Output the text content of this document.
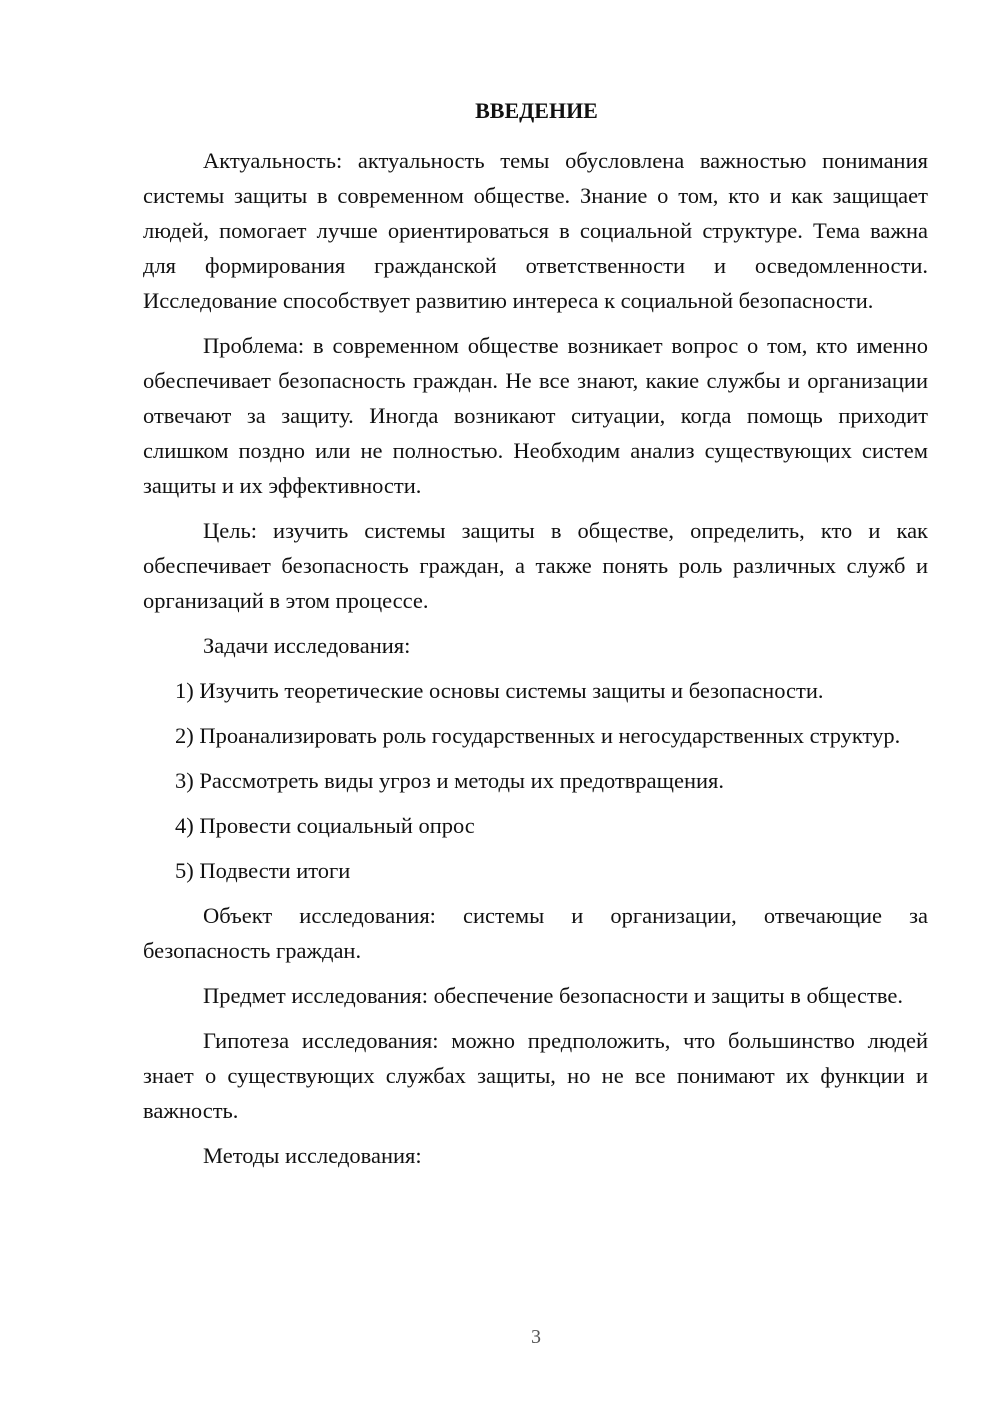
ВВЕДЕНИЕ

Актуальность: актуальность темы обусловлена важностью понимания системы защиты в современном обществе. Знание о том, кто и как защищает людей, помогает лучше ориентироваться в социальной структуре. Тема важна для формирования гражданской ответственности и осведомленности. Исследование способствует развитию интереса к социальной безопасности.

Проблема: в современном обществе возникает вопрос о том, кто именно обеспечивает безопасность граждан. Не все знают, какие службы и организации отвечают за защиту. Иногда возникают ситуации, когда помощь приходит слишком поздно или не полностью. Необходим анализ существующих систем защиты и их эффективности.

Цель: изучить системы защиты в обществе, определить, кто и как обеспечивает безопасность граждан, а также понять роль различных служб и организаций в этом процессе.

Задачи исследования:

1) Изучить теоретические основы системы защиты и безопасности.

2) Проанализировать роль государственных и негосударственных структур.

3) Рассмотреть виды угроз и методы их предотвращения.

4) Провести социальный опрос

5) Подвести итоги

Объект исследования: системы и организации, отвечающие за безопасность граждан.

Предмет исследования: обеспечение безопасности и защиты в обществе.

Гипотеза исследования: можно предположить, что большинство людей знает о существующих службах защиты, но не все понимают их функции и важность.

Методы исследования:

3
